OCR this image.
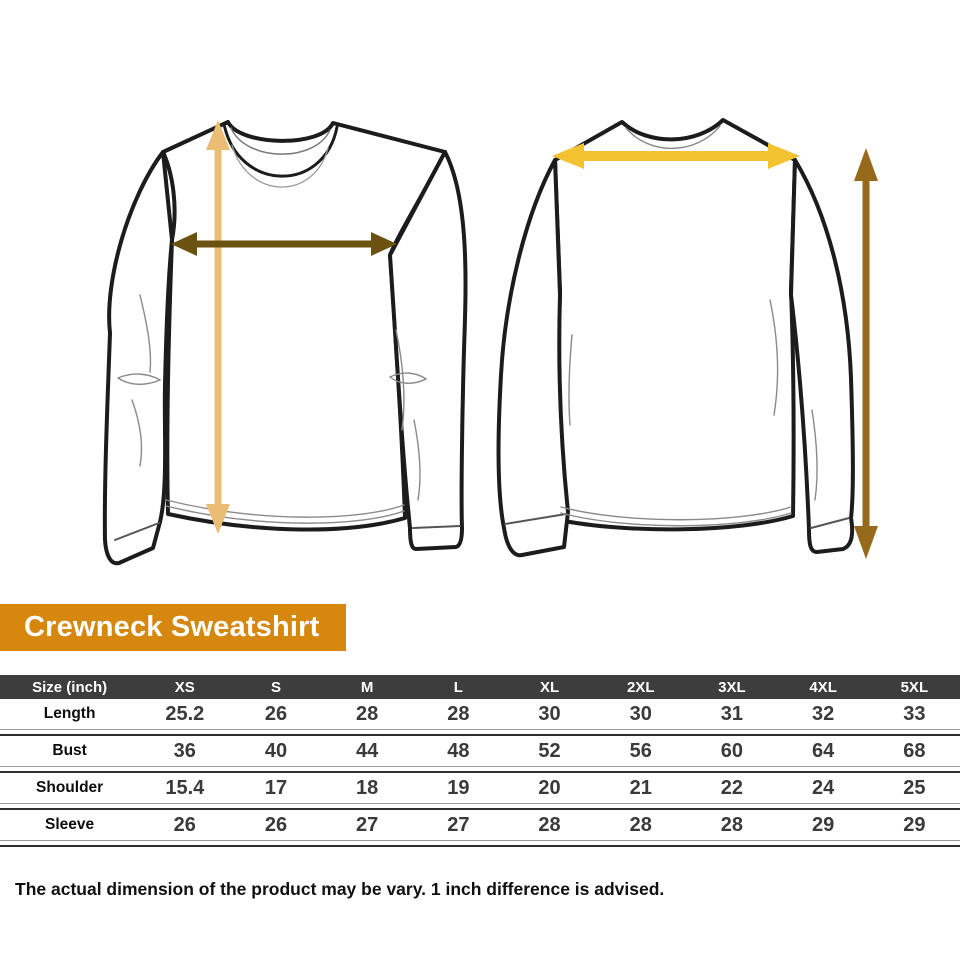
Crewneck Sweatshirt
Size (inch)	XS	S	M	L	XL	2XL	3XL	4XL	5XL
Length	25.2	26	28	28	30	30	31	32	33

Bust	36	40	44	48	52	56	60	64	68

Shoulder	15.4	17	18	19	20	21	22	24	25

Sleeve	26	26	27	27	28	28	28	29	29

The actual dimension of the product may be vary. 1 inch difference is advised.
